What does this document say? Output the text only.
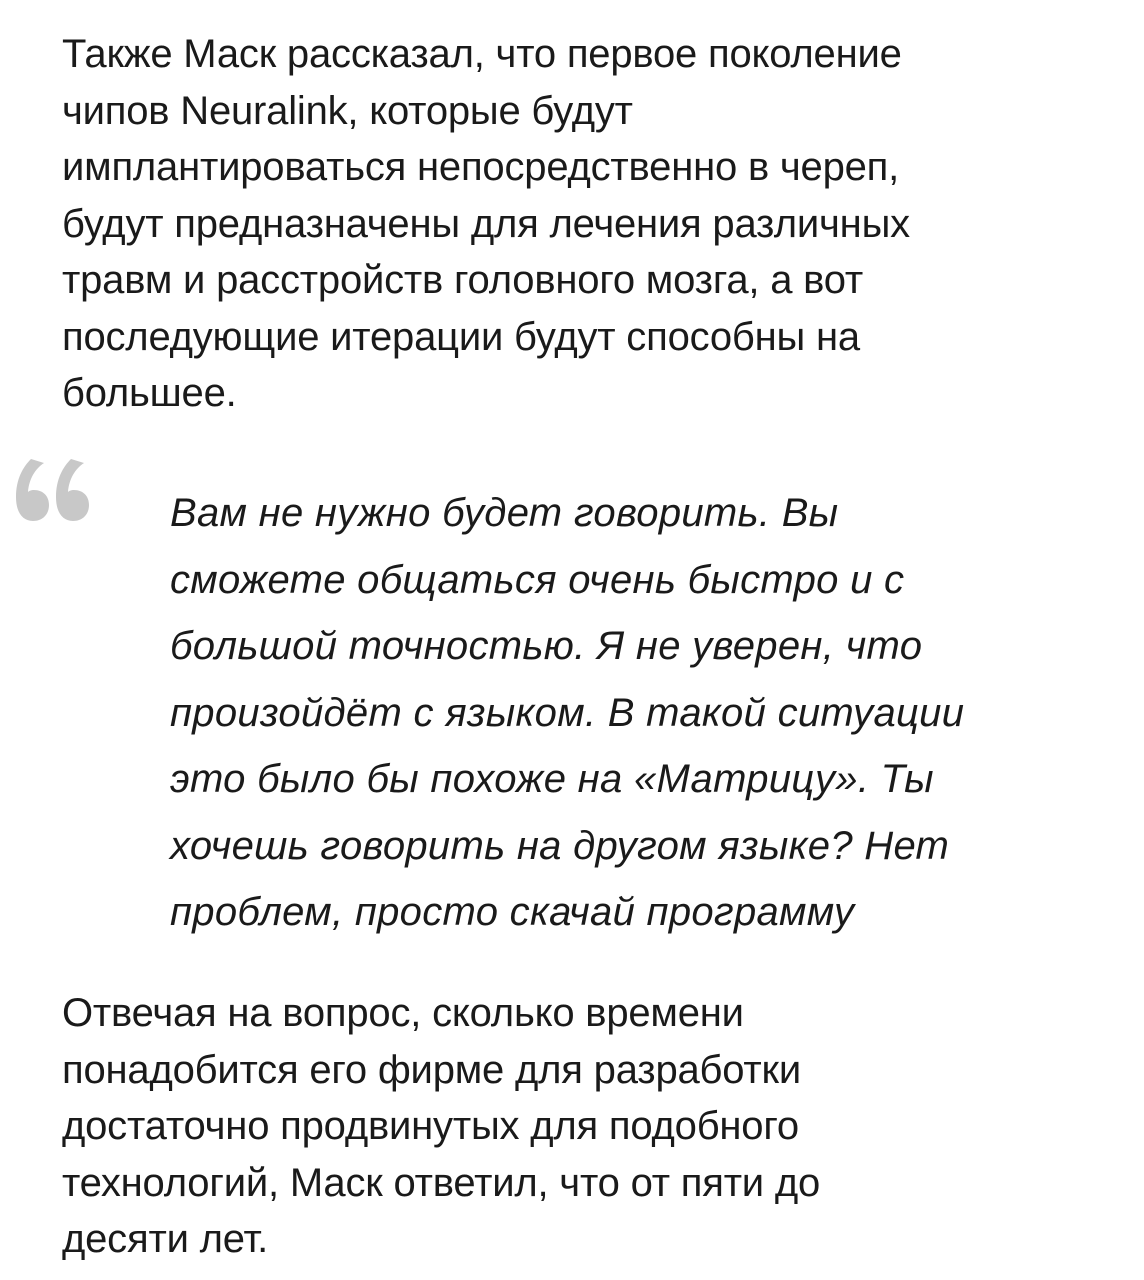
Также Маск рассказал, что первое поколение
чипов Neuralink, которые будут
имплантироваться непосредственно в череп,
будут предназначены для лечения различных
травм и расстройств головного мозга, а вот
последующие итерации будут способны на
большее.

Вам не нужно будет говорить. Вы
сможете общаться очень быстро и с
большой точностью. Я не уверен, что
произойдёт с языком. В такой ситуации
это было бы похоже на «Матрицу». Ты
хочешь говорить на другом языке? Нет
проблем, просто скачай программу

Отвечая на вопрос, сколько времени
понадобится его фирме для разработки
достаточно продвинутых для подобного
технологий, Маск ответил, что от пяти до
десяти лет.
